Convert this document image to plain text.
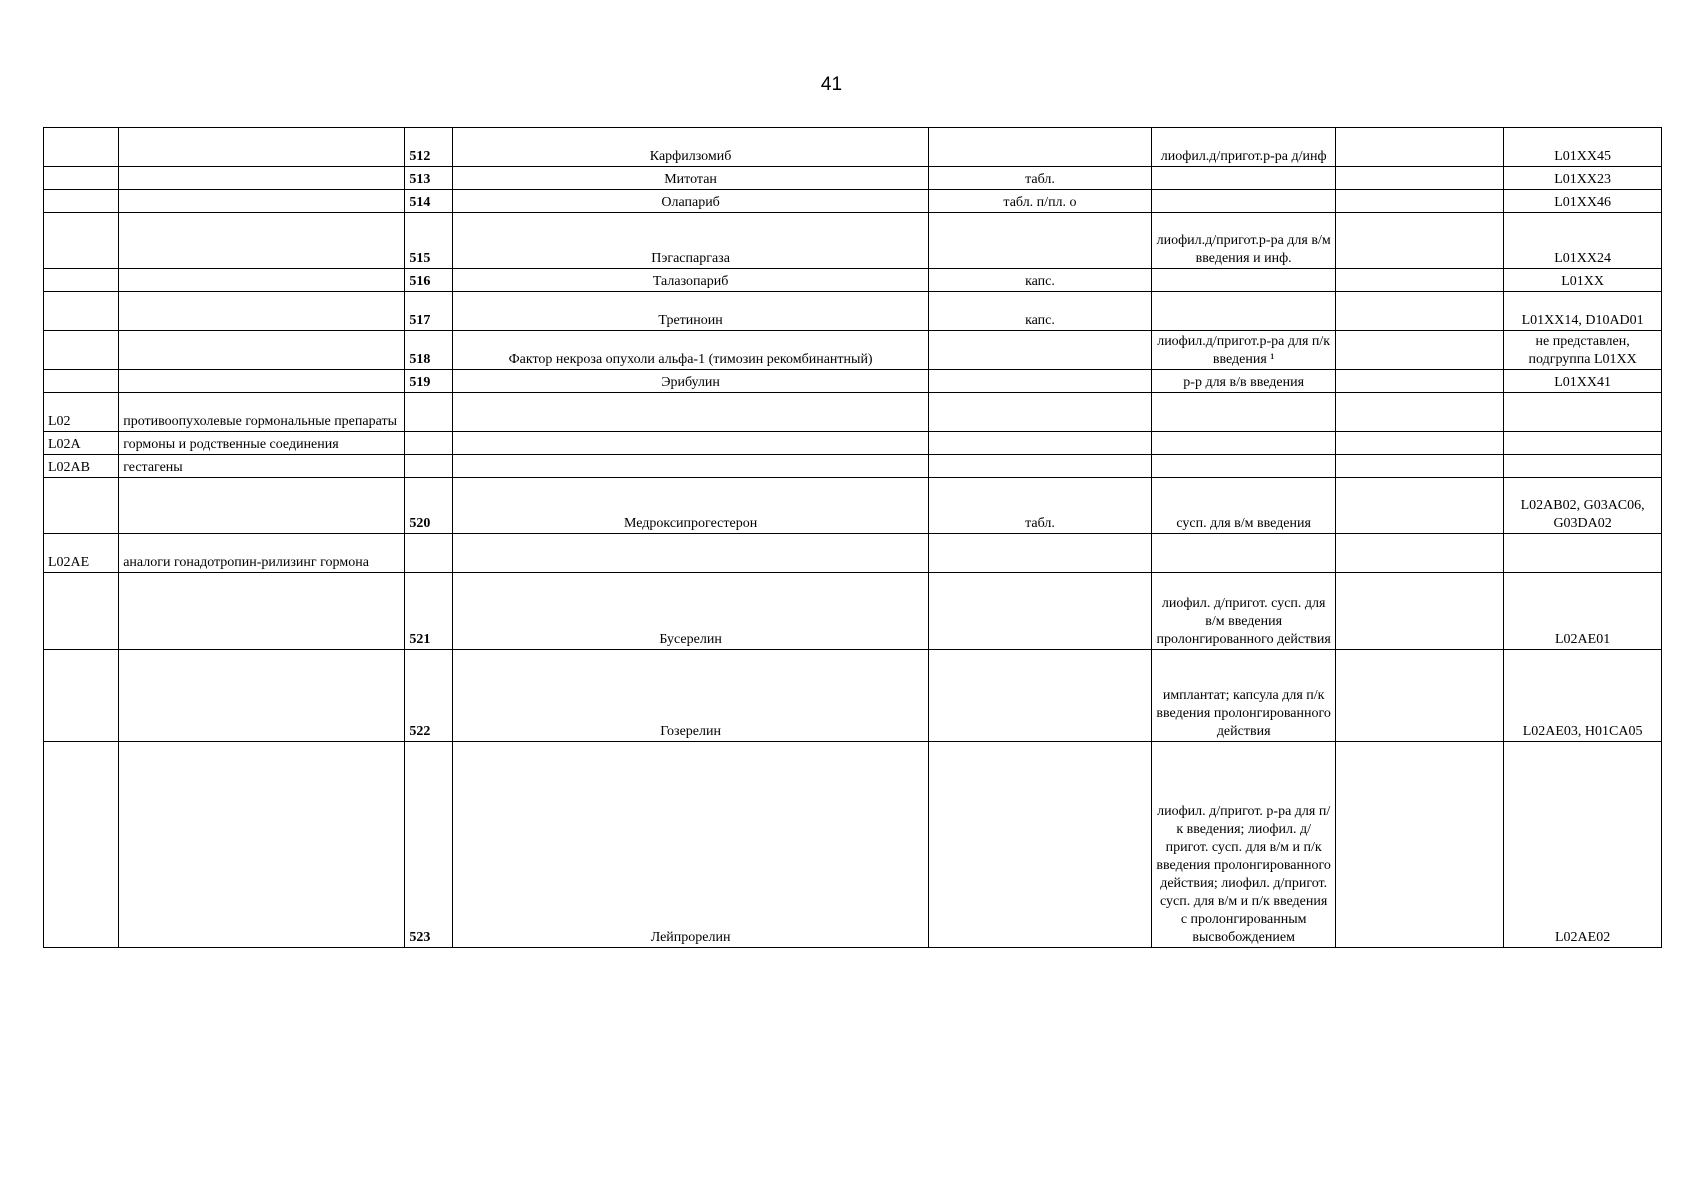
41
		512	Карфилзомиб		лиофил.д/пригот.р-ра д/инф		L01XX45
		513	Митотан	табл.			L01XX23
		514	Олапариб	табл. п/пл. о			L01XX46
		515	Пэгаспаргаза		лиофил.д/пригот.р-ра для в/м введения и инф.		L01XX24
		516	Талазопариб	капс.			L01XX
		517	Третиноин	капс.			L01XX14, D10AD01
		518	Фактор некроза опухоли альфа-1 (тимозин рекомбинантный)		лиофил.д/пригот.р-ра для п/к введения ¹		не представлен, подгруппа L01XX
		519	Эрибулин		р-р для в/в введения		L01XX41
L02	противоопухолевые гормональные препараты						
L02A	гормоны и родственные соединения						
L02AB	гестагены						
		520	Медроксипрогестерон	табл.	сусп. для в/м введения		L02AB02, G03AC06, G03DA02
L02AE	аналоги гонадотропин-рилизинг гормона						
		521	Бусерелин		лиофил. д/пригот. сусп. для в/м введения пролонгированного действия		L02AE01
		522	Гозерелин		имплантат; капсула для п/к введения пролонгированного действия		L02AE03, H01CA05
		523	Лейпрорелин		лиофил. д/пригот. р-ра для п/к введения; лиофил. д/пригот. сусп. для в/м и п/к введения пролонгированного действия; лиофил. д/пригот. сусп. для в/м и п/к введения с пролонгированным высвобождением		L02AE02
